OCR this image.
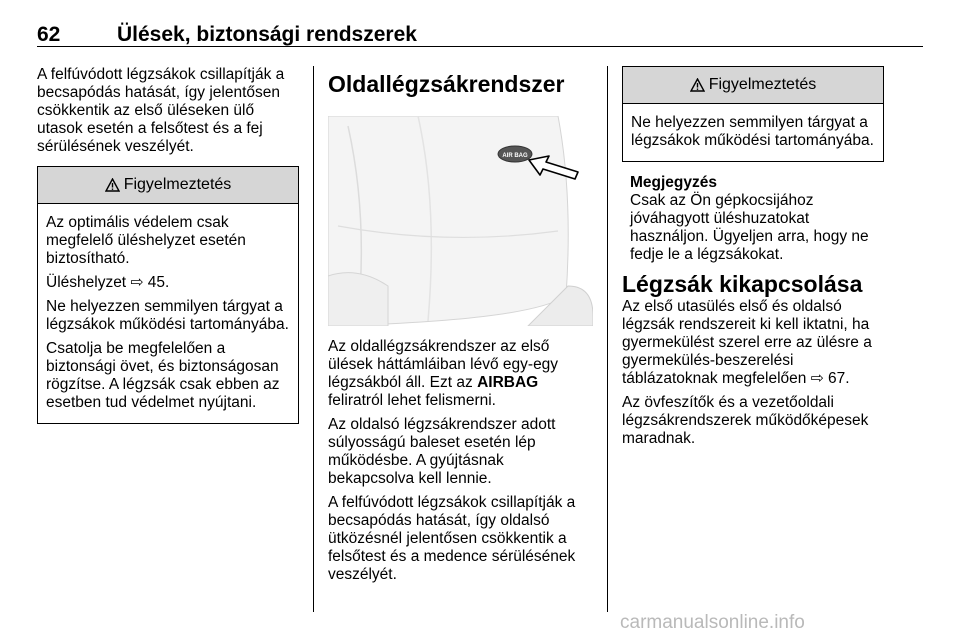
62	Ülések, biztonsági rendszerek

A felfúvódott légzsákok csillapítják a becsapódás hatását, így jelentősen csökkentik az első üléseken ülő utasok esetén a felsőtest és a fej sérülésének veszélyét.

Figyelmeztetés

Az optimális védelem csak megfelelő üléshelyzet esetén biztosítható.

Üléshelyzet ⇨ 45.

Ne helyezzen semmilyen tárgyat a légzsákok működési tartományába.

Csatolja be megfelelően a biztonsági övet, és biztonságosan rögzítse. A légzsák csak ebben az esetben tud védelmet nyújtani.

Oldallégzsákrendszer
AIR BAG

Az oldallégzsákrendszer az első ülések háttámláiban lévő egy-egy légzsákból áll. Ezt az AIRBAG feliratról lehet felismerni.

Az oldalsó légzsákrendszer adott súlyosságú baleset esetén lép működésbe. A gyújtásnak bekapcsolva kell lennie.

A felfúvódott légzsákok csillapítják a becsapódás hatását, így oldalsó ütközésnél jelentősen csökkentik a felsőtest és a medence sérülésének veszélyét.

Figyelmeztetés

Ne helyezzen semmilyen tárgyat a légzsákok működési tartományába.

Megjegyzés

Csak az Ön gépkocsijához jóváhagyott üléshuzatokat használjon. Ügyeljen arra, hogy ne fedje le a légzsákokat.

Légzsák kikapcsolása

Az első utasülés első és oldalsó légzsák rendszereit ki kell iktatni, ha gyermekülést szerel erre az ülésre a gyermekülés-beszerelési táblázatoknak megfelelően ⇨ 67.

Az övfeszítők és a vezetőoldali légzsákrendszerek működőképesek maradnak.

carmanualsonline.info
